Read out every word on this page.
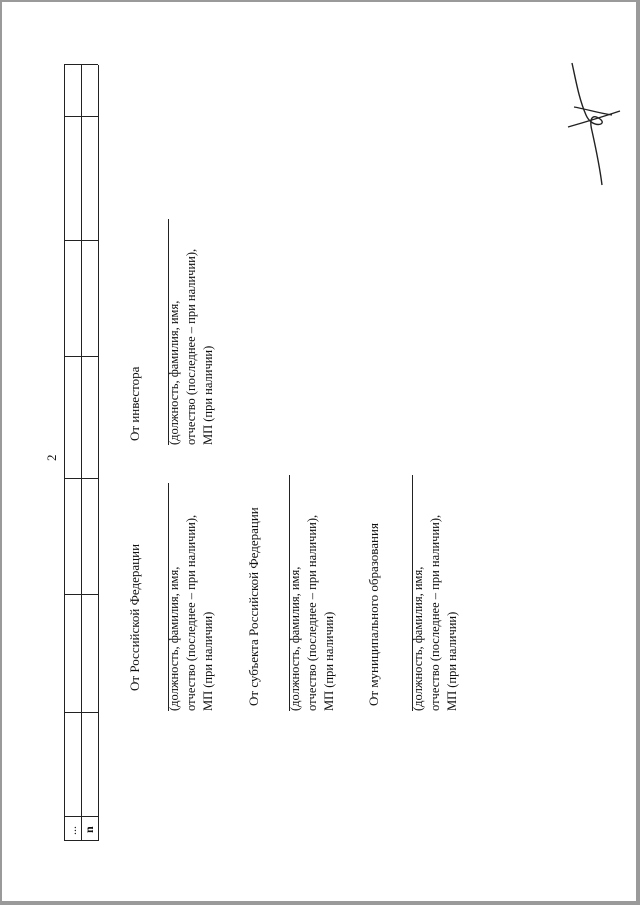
2
... n
От Российской Федерации (должность, фамилия, имя, отчество (последнее – при наличии), МП (при наличии) От субъекта Российской Федерации (должность, фамилия, имя, отчество (последнее – при наличии), МП (при наличии) От муниципального образования (должность, фамилия, имя, отчество (последнее – при наличии), МП (при наличии)
От инвестора (должность, фамилия, имя, отчество (последнее – при наличии), МП (при наличии)
